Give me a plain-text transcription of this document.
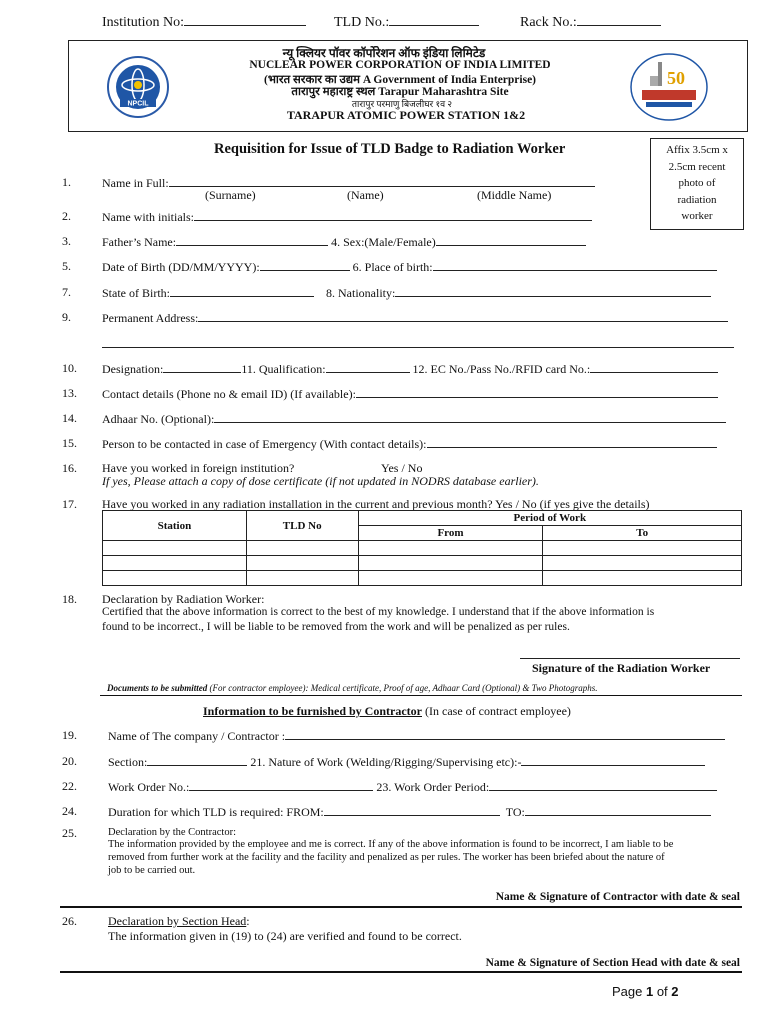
Institution No:	TLD No.:	Rack No.:
NPCIL
50
न्यू क्लियर पॉवर कॉर्पोरेशन ऑफ इंडिया लिमिटेड
NUCLEAR POWER CORPORATION OF INDIA LIMITED
(भारत सरकार का उद्यम A Government of India Enterprise)
तारापुर महाराष्ट्र स्थल Tarapur Maharashtra Site
तारापुर परमाणु बिजलीघर १व २
TARAPUR ATOMIC POWER STATION 1&2
Affix 3.5cm x
2.5cm recent
photo of
radiation
worker
Requisition for Issue of TLD Badge to Radiation Worker
1.	Name in Full:
(Surname)	(Name)	(Middle Name)
2.	Name with initials:
3.	Father’s Name:	4. Sex:(Male/Female)
5.	Date of Birth (DD/MM/YYYY):	6. Place of birth:
7.	State of Birth:	8. Nationality:
9.	Permanent Address:
10. Designation:	11. Qualification:	12. EC No./Pass No./RFID card No.:
13. Contact details (Phone no & email ID) (If available):
14. Adhaar No. (Optional):
15. Person to be contacted in case of Emergency (With contact details):
16. Have you worked in foreign institution?	Yes / No
If yes, Please attach a copy of dose certificate (if not updated in NODRS database earlier).
17. Have you worked in any radiation installation in the current and previous month? Yes / No (if yes give the details)
Station	TLD No	Period of Work	
		From	To

18. Declaration by Radiation Worker:
Certified that the above information is correct to the best of my knowledge. I understand that if the above information is
found to be incorrect., I will be liable to be removed from the work and will be penalized as per rules.
Signature of the Radiation Worker
Documents to be submitted (For contractor employee): Medical certificate, Proof of age, Adhaar Card (Optional) & Two Photographs.
Information to be furnished by Contractor (In case of contract employee)
19.	Name of The company / Contractor :
20.	Section:	21. Nature of Work (Welding/Rigging/Supervising etc):-
22.	Work Order No.:	23. Work Order Period:
24.	Duration for which TLD is required: FROM:	TO:
25.	Declaration by the Contractor:
The information provided by the employee and me is correct. If any of the above information is found to be incorrect, I am liable to be
removed from further work at the facility and the facility and penalized as per rules. The worker has been briefed about the nature of
job to be carried out.
Name & Signature of Contractor with date & seal
26.	Declaration by Section Head:
The information given in (19) to (24) are verified and found to be correct.
Name & Signature of Section Head with date & seal
Page 1 of 2
